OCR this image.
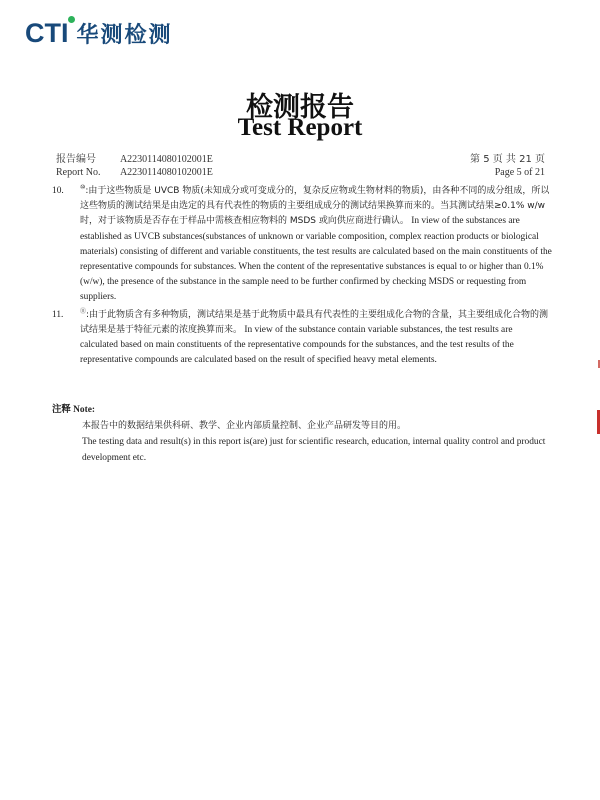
CTI 华测检测
检测报告
Test Report
报告编号 A2230114080102001E	第 5 页 共 21 页
Report No. A2230114080102001E	Page 5 of 21
10.	⑩:由于这些物质是 UVCB 物质(未知成分或可变成分的，复杂反应物或生物材料的物质)，由各种不同的成分组成，所以这些物质的测试结果是由选定的具有代表性的物质的主要组成成分的测试结果换算而来的。当其测试结果≥0.1% w/w 时，对于该物质是否存在于样品中需核查相应物料的 MSDS 或向供应商进行确认。 In view of the substances are established as UVCB substances(substances of unknown or variable composition, complex reaction products or biological materials) consisting of different and variable constituents, the test results are calculated based on the main constituents of the representative compounds for substances. When the content of the representative substances is equal to or higher than 0.1% (w/w), the presence of the substance in the sample need to be further confirmed by checking MSDS or requesting from suppliers.
11.	⑪:由于此物质含有多种物质，测试结果是基于此物质中最具有代表性的主要组成化合物的含量，其主要组成化合物的测试结果是基于特征元素的浓度换算而来。 In view of the substance contain variable substances, the test results are calculated based on main constituents of the representative compounds for the substances, and the test results of the representative compounds are calculated based on the result of specified heavy metal elements.
注释 Note:
本报告中的数据结果供科研、教学、企业内部质量控制、企业产品研发等目的用。
The testing data and result(s) in this report is(are) just for scientific research, education, internal quality control and product development etc.
